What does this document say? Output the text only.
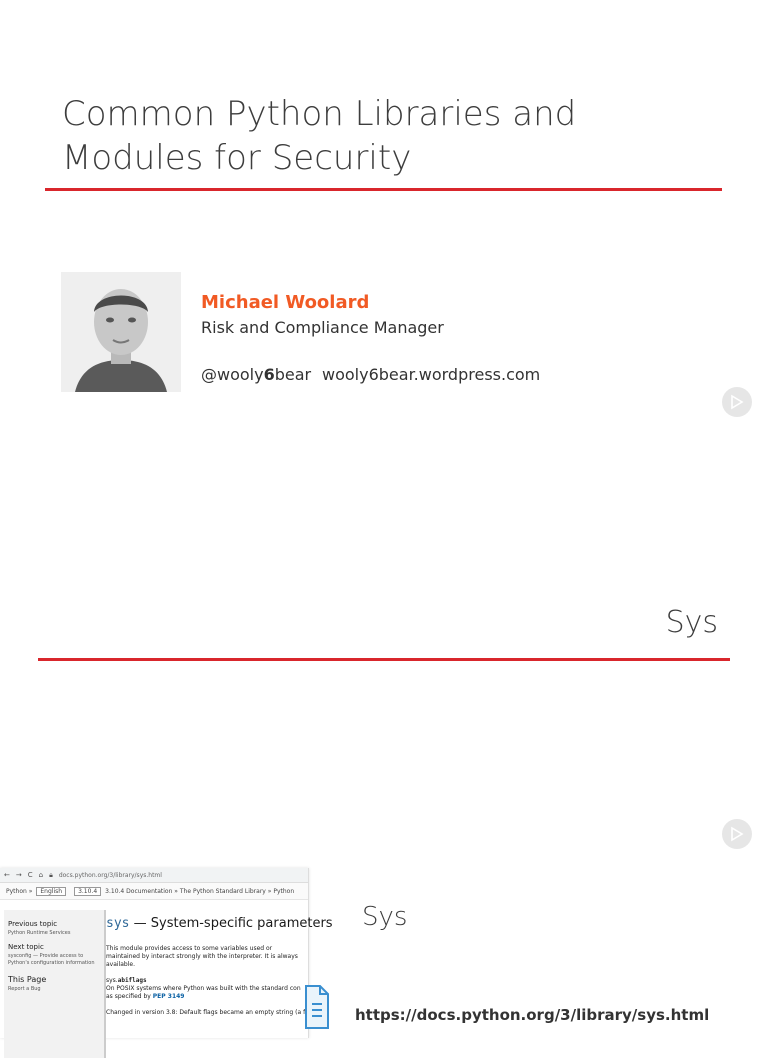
Common Python Libraries and Modules for Security
Michael Woolard
Risk and Compliance Manager
@wooly6bear wooly6bear.wordpress.com
Sys
← → C ⌂ 🔒︎ docs.python.org/3/library/sys.html
Python »	English	3.10.4	3.10.4 Documentation » The Python Standard Library » Python
Previous topic
Python Runtime Services
Next topic
sysconfig — Provide access to Python's configuration information
This Page
Report a Bug
sys — System-specific parameters

This module provides access to some variables used or maintained by interact strongly with the interpreter. It is always available.

sys.abiflags
On POSIX systems where Python was built with the standard con as specified by PEP 3149

Changed in version 3.8: Default flags became an empty string (a f

Sys
https://docs.python.org/3/library/sys.html
